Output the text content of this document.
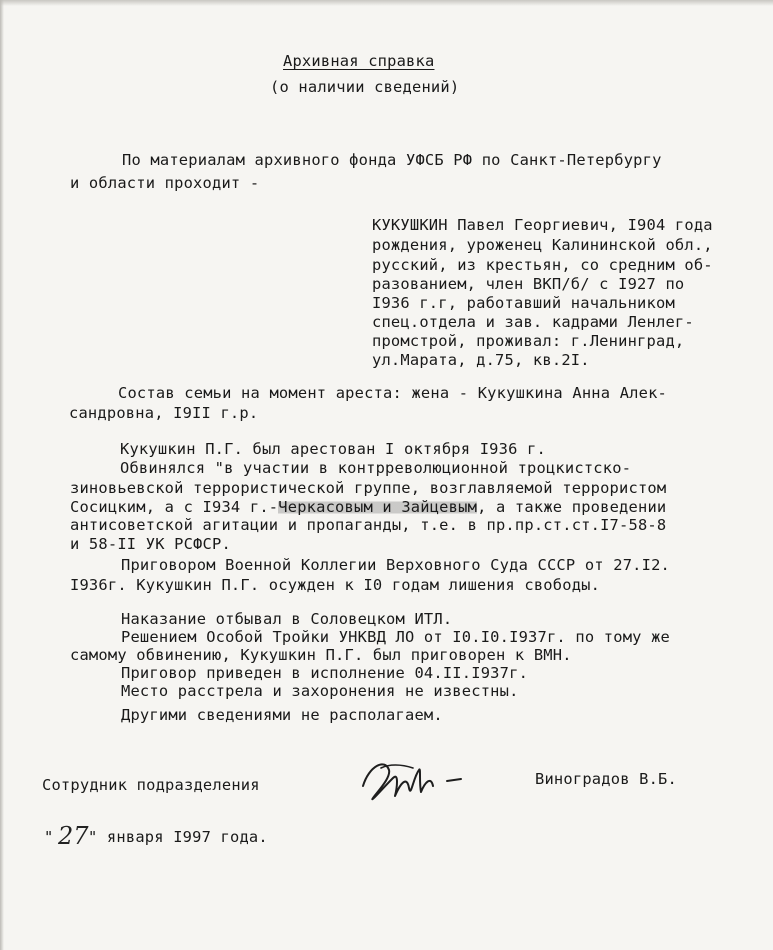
Архивная справка
(о наличии сведений)
По материалам архивного фонда УФСБ РФ по Санкт-Петербургу
и области проходит -
КУКУШКИН Павел Георгиевич, I904 года
рождения, уроженец Калининской обл.,
русский, из крестьян, со средним об-
разованием, член ВКП/б/ с I927 по
I936 г.г, работавший начальником
спец.отдела и зав. кадрами Ленлег-
промстрой, проживал: г.Ленинград,
ул.Марата, д.75, кв.2I.
Состав семьи на момент ареста: жена - Кукушкина Анна Алек-
сандровна, I9II г.р.
Кукушкин П.Г. был арестован I октября I936 г.
Обвинялся "в участии в контрреволюционной троцкистско-
зиновьевской террористической группе, возглавляемой террористом
Сосицким, а с I934 г.-Черкасовым и Зайцевым, а также проведении
антисоветской агитации и пропаганды, т.е. в пр.пр.ст.ст.I7-58-8
и 58-II УК РСФСР.
Приговором Военной Коллегии Верховного Суда СССР от 27.I2.
I936г. Кукушкин П.Г. осужден к I0 годам лишения свободы.
Наказание отбывал в Соловецком ИТЛ.
Решением Особой Тройки УНКВД ЛО от I0.I0.I937г. по тому же
самому обвинению, Кукушкин П.Г. был приговорен к ВМН.
Приговор приведен в исполнение 04.II.I937г.
Место расстрела и захоронения не известны.
Другими сведениями не располагаем.
Сотрудник подразделения	Виноградов В.Б.
" 27 " января I997 года.
